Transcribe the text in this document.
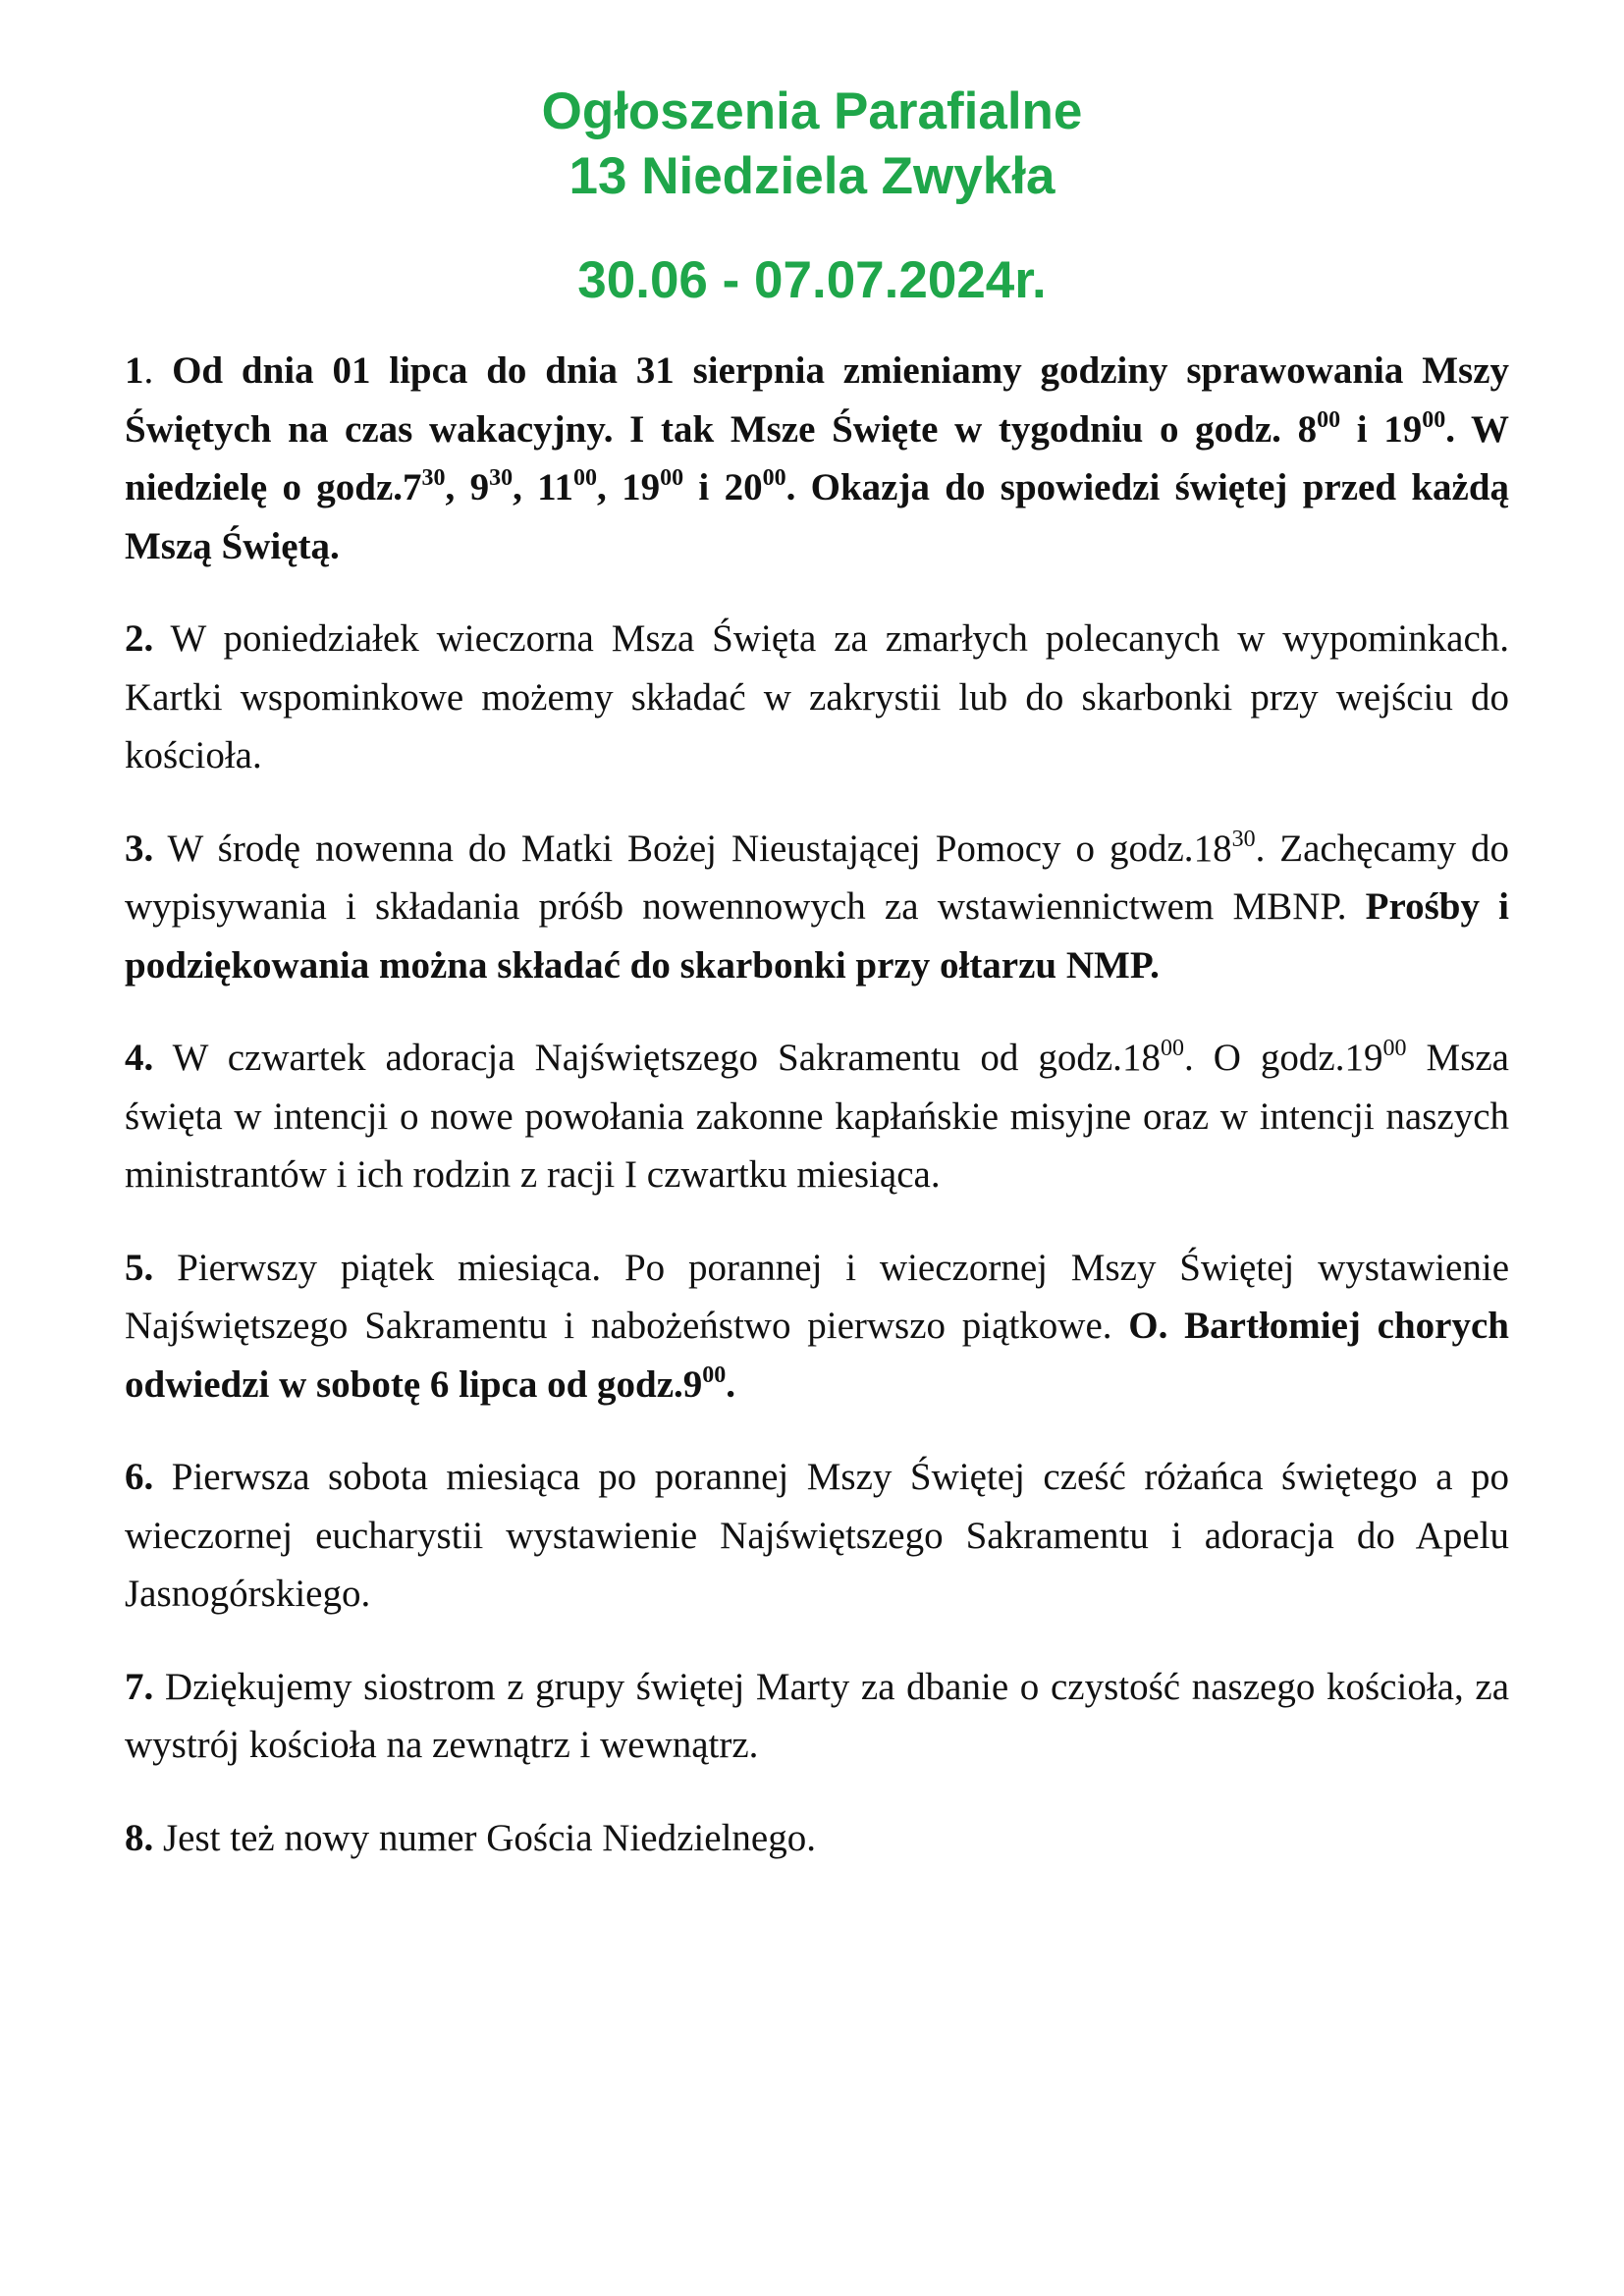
Ogłoszenia Parafialne
13 Niedziela Zwykła
30.06 - 07.07.2024r.

1. Od dnia 01 lipca do dnia 31 sierpnia zmieniamy godziny sprawowania Mszy Świętych na czas wakacyjny. I tak Msze Święte w tygodniu o godz. $8^{00}$ i $19^{00}$. W niedzielę o $godz.7^{30}$, $9^{30}$, $11^{00}$, $19^{00}$ i $20^{00}$. Okazja do spowiedzi świętej przed każdą Mszą Świętą.

2. W poniedziałek wieczorna Msza Święta za zmarłych polecanych w wypominkach. Kartki wspominkowe możemy składać w zakrystii lub do skarbonki przy wejściu do kościoła.

3. W środę nowenna do Matki Bożej Nieustającej Pomocy o $godz.18^{30}$. Zachęcamy do wypisywania i składania próśb nowennowych za wstawiennictwem MBNP. Prośby i podziękowania można składać do skarbonki przy ołtarzu NMP.

4. W czwartek adoracja Najświętszego Sakramentu od $godz.18^{00}$. O $godz.19^{00}$ Msza święta w intencji o nowe powołania zakonne kapłańskie misyjne oraz w intencji naszych ministrantów i ich rodzin z racji I czwartku miesiąca.

5. Pierwszy piątek miesiąca. Po porannej i wieczornej Mszy Świętej wystawienie Najświętszego Sakramentu i nabożeństwo pierwszo piątkowe. O. Bartłomiej chorych odwiedzi w sobotę 6 lipca od $godz.9^{00}$.

6. Pierwsza sobota miesiąca po porannej Mszy Świętej cześć różańca świętego a po wieczornej eucharystii wystawienie Najświętszego Sakramentu i adoracja do Apelu Jasnogórskiego.

7. Dziękujemy siostrom z grupy świętej Marty za dbanie o czystość naszego kościoła, za wystrój kościoła na zewnątrz i wewnątrz.

8. Jest też nowy numer Gościa Niedzielnego.
